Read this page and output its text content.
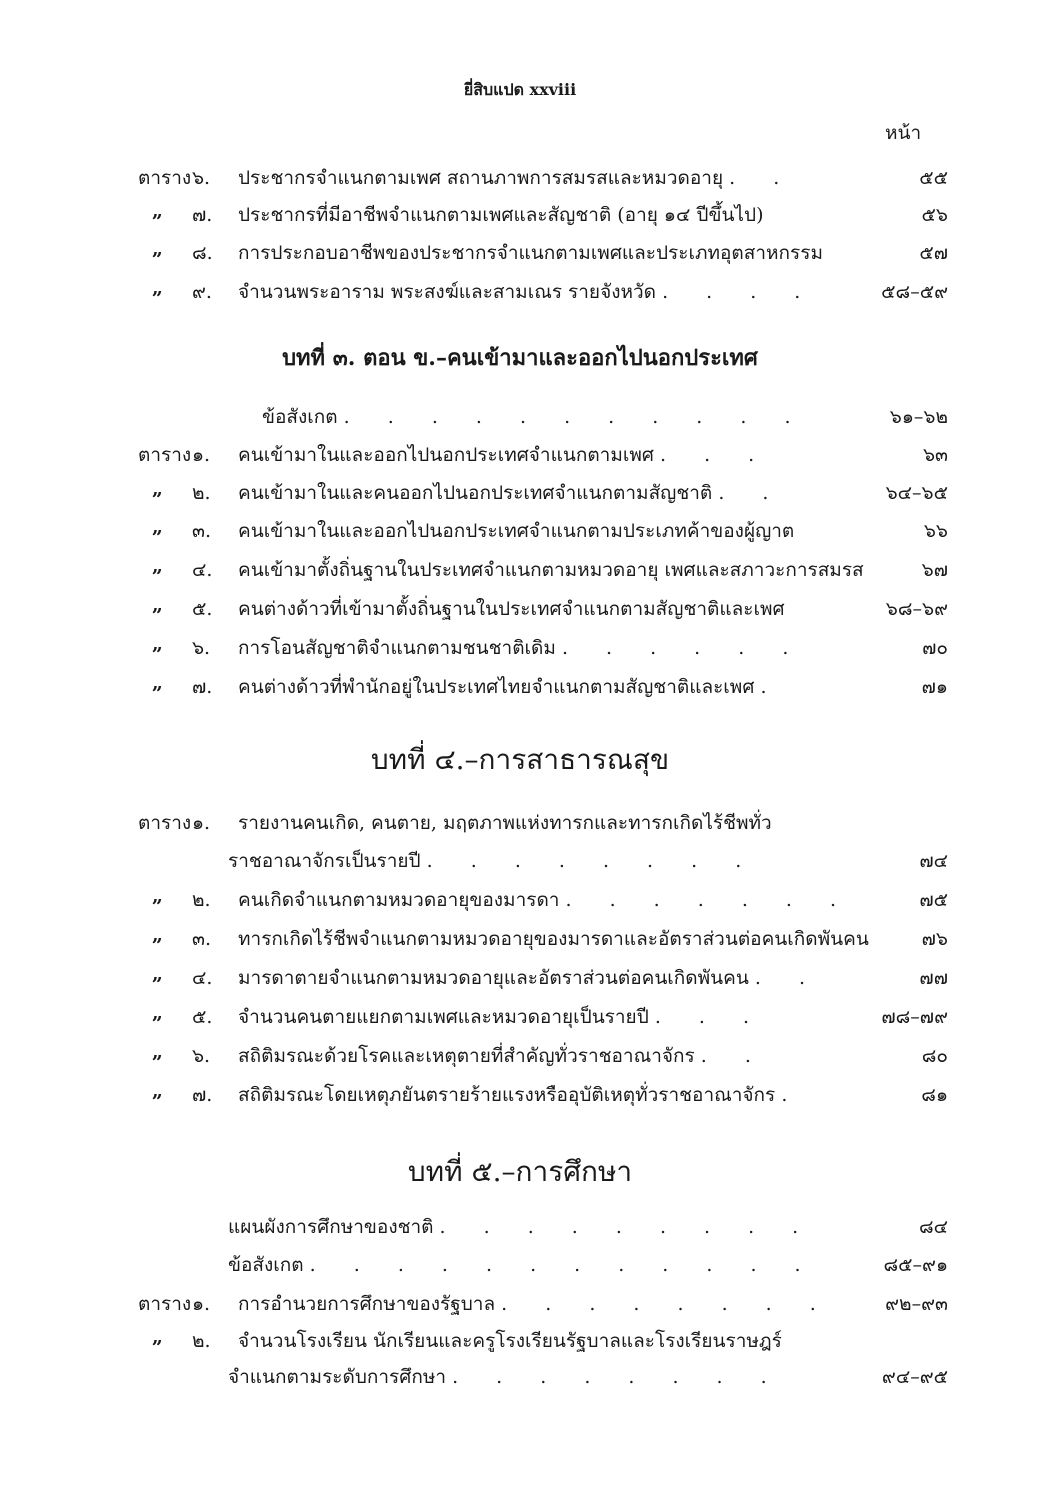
ยี่สิบแปด xxviii
หน้า
ตาราง ๖. ประชากรจำแนกตามเพศ สถานภาพการสมรสและหมวดอายุ . .	๕๕
„ ๗. ประชากรที่มีอาชีพจำแนกตามเพศและสัญชาติ (อายุ ๑๔ ปีขึ้นไป)	๕๖
„ ๘. การประกอบอาชีพของประชากรจำแนกตามเพศและประเภทอุตสาหกรรม	๕๗
„ ๙. จำนวนพระอาราม พระสงฆ์และสามเณร รายจังหวัด . . . .	๕๘–๕๙
บทที่ ๓. ตอน ข.–คนเข้ามาและออกไปนอกประเทศ
ข้อสังเกต . . . . . . . . . . .	๖๑–๖๒
ตาราง ๑. คนเข้ามาในและออกไปนอกประเทศจำแนกตามเพศ . . .	๖๓
„ ๒. คนเข้ามาในและคนออกไปนอกประเทศจำแนกตามสัญชาติ . .	๖๔–๖๕
„ ๓. คนเข้ามาในและออกไปนอกประเทศจำแนกตามประเภทค้าของผู้ญาต	๖๖
„ ๔. คนเข้ามาตั้งถิ่นฐานในประเทศจำแนกตามหมวดอายุ เพศและสภาวะการสมรส	๖๗
„ ๕. คนต่างด้าวที่เข้ามาตั้งถิ่นฐานในประเทศจำแนกตามสัญชาติและเพศ	๖๘–๖๙
„ ๖. การโอนสัญชาติจำแนกตามชนชาติเดิม . . . . . .	๗๐
„ ๗. คนต่างด้าวที่พำนักอยู่ในประเทศไทยจำแนกตามสัญชาติและเพศ .	๗๑
บทที่ ๔.–การสาธารณสุข
ตาราง ๑. รายงานคนเกิด, คนตาย, มฤตภาพแห่งทารกและทารกเกิดไร้ชีพทั่ว
ราชอาณาจักรเป็นรายปี . . . . . . . .	๗๔
„ ๒. คนเกิดจำแนกตามหมวดอายุของมารดา . . . . . . .	๗๕
„ ๓. ทารกเกิดไร้ชีพจำแนกตามหมวดอายุของมารดาและอัตราส่วนต่อคนเกิดพันคน	๗๖
„ ๔. มารดาตายจำแนกตามหมวดอายุและอัตราส่วนต่อคนเกิดพันคน . .	๗๗
„ ๕. จำนวนคนตายแยกตามเพศและหมวดอายุเป็นรายปี . . .	๗๘–๗๙
„ ๖. สถิติมรณะด้วยโรคและเหตุตายที่สำคัญทั่วราชอาณาจักร . .	๘๐
„ ๗. สถิติมรณะโดยเหตุภยันตรายร้ายแรงหรืออุบัติเหตุทั่วราชอาณาจักร .	๘๑
บทที่ ๕.–การศึกษา
แผนผังการศึกษาของชาติ . . . . . . . . .	๘๔
ข้อสังเกต . . . . . . . . . . . .	๘๕–๙๑
ตาราง ๑. การอำนวยการศึกษาของรัฐบาล . . . . . . . .	๙๒–๙๓
„ ๒. จำนวนโรงเรียน นักเรียนและครูโรงเรียนรัฐบาลและโรงเรียนราษฎร์
จำแนกตามระดับการศึกษา . . . . . . . .	๙๔–๙๕
